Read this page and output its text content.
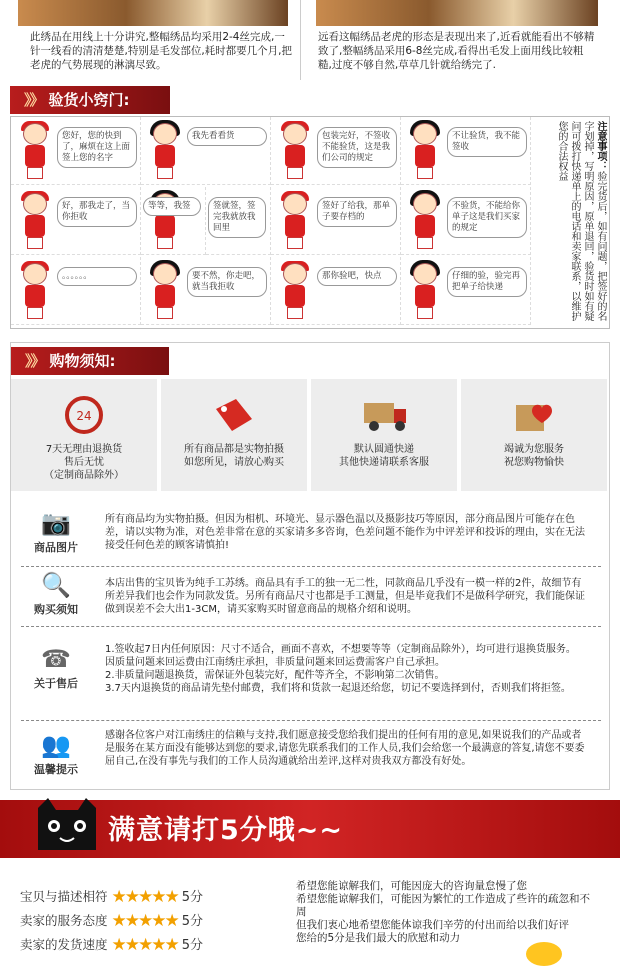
此绣品在用线上十分讲究,整幅绣品均采用2-4丝完成,一针一线看的清清楚楚,特别是毛发部位,耗时都要几个月,把老虎的气势展现的淋漓尽致。
远看这幅绣品老虎的形态是表现出来了,近看就能看出不够精致了,整幅绣品采用6-8丝完成,看得出毛发上面用线比较粗糙,过度不够自然,草草几针就给绣完了.
》》 验货小窍门:
您好，您的快到了，麻烦在这上面签上您的名字
我先看看货	包装完好，不签收不能验货，这是我们公司的规定
不让验货，我不能签收
好，那我走了，当你拒收
等等，我签	签就签，签完我就放我回里
签好了给我，那单子要存档的
不验货，不能给你单子这是我们买家的规定
。。。。。。	要不然，你走吧，就当我拒收
那你验吧，快点	仔细的验，验完再把单子给快递
注意事项：验完货后，如有问题，把签好的名字划掉，写明原因，原单退回，验货时如有疑问可拨打快递单上的电话和卖家联系，以维护您的合法权益
》》 购物须知:
24
7天无理由退换货
售后无忧
（定制商品除外）
所有商品都是实物拍摄
如您所见，请放心购买
默认圆通快递
其他快递请联系客服
竭诚为您服务
祝您购物愉快
📷
商品图片
所有商品均为实物拍摄。但因为相机、环境光、显示器色温以及摄影技巧等原因，部分商品图片可能存在色差，请以实物为准，对色差非常在意的买家请多多咨询，色差问题不能作为中评差评和投诉的理由，实在无法接受任何色差的顾客请慎拍!
🔍
购买须知
本店出售的宝贝皆为纯手工苏绣。商品具有手工的独一无二性，同款商品几乎没有一模一样的2件，故细节有所差异我们也会作为同款发货。另所有商品尺寸也都是手工测量，但是毕竟我们不是做科学研究，我们能保证做到误差不会大出1-3CM，请买家购买时留意商品的规格介绍和说明。
☎
关于售后
1.签收起7日内任何原因：尺寸不适合，画面不喜欢，不想要等等（定制商品除外），均可进行退换货服务。因质量问题来回运费由江南绣庄承担，非质量问题来回运费需客户自己承担。
2.非质量问题退换货，需保证外包装完好，配件等齐全，不影响第二次销售。
3.7天内退换货的商品请先垫付邮费，我们将和货款一起退还给您，切记不要选择到付，否则我们将拒签。
👥
温馨提示
感谢各位客户对江南绣庄的信赖与支持,我们愿意接受您给我们提出的任何有用的意见,如果说我们的产品或者是服务在某方面没有能够达到您的要求,请您先联系我们的工作人员,我们会给您一个最满意的答复,请您不要委屈自己,在没有事先与我们的工作人员沟通就给出差评,这样对贵我双方都没有好处。
满意请打5分哦~~
宝贝与描述相符 ★★★★★ 5分
卖家的服务态度 ★★★★★ 5分
卖家的发货速度 ★★★★★ 5分
希望您能谅解我们，可能因庞大的咨询量怠慢了您
希望您能谅解我们，可能因为繁忙的工作造成了些许的疏忽和不周
但我们衷心地希望您能体谅我们辛劳的付出而给以我们好评
您给的5分是我们最大的欣慰和动力
